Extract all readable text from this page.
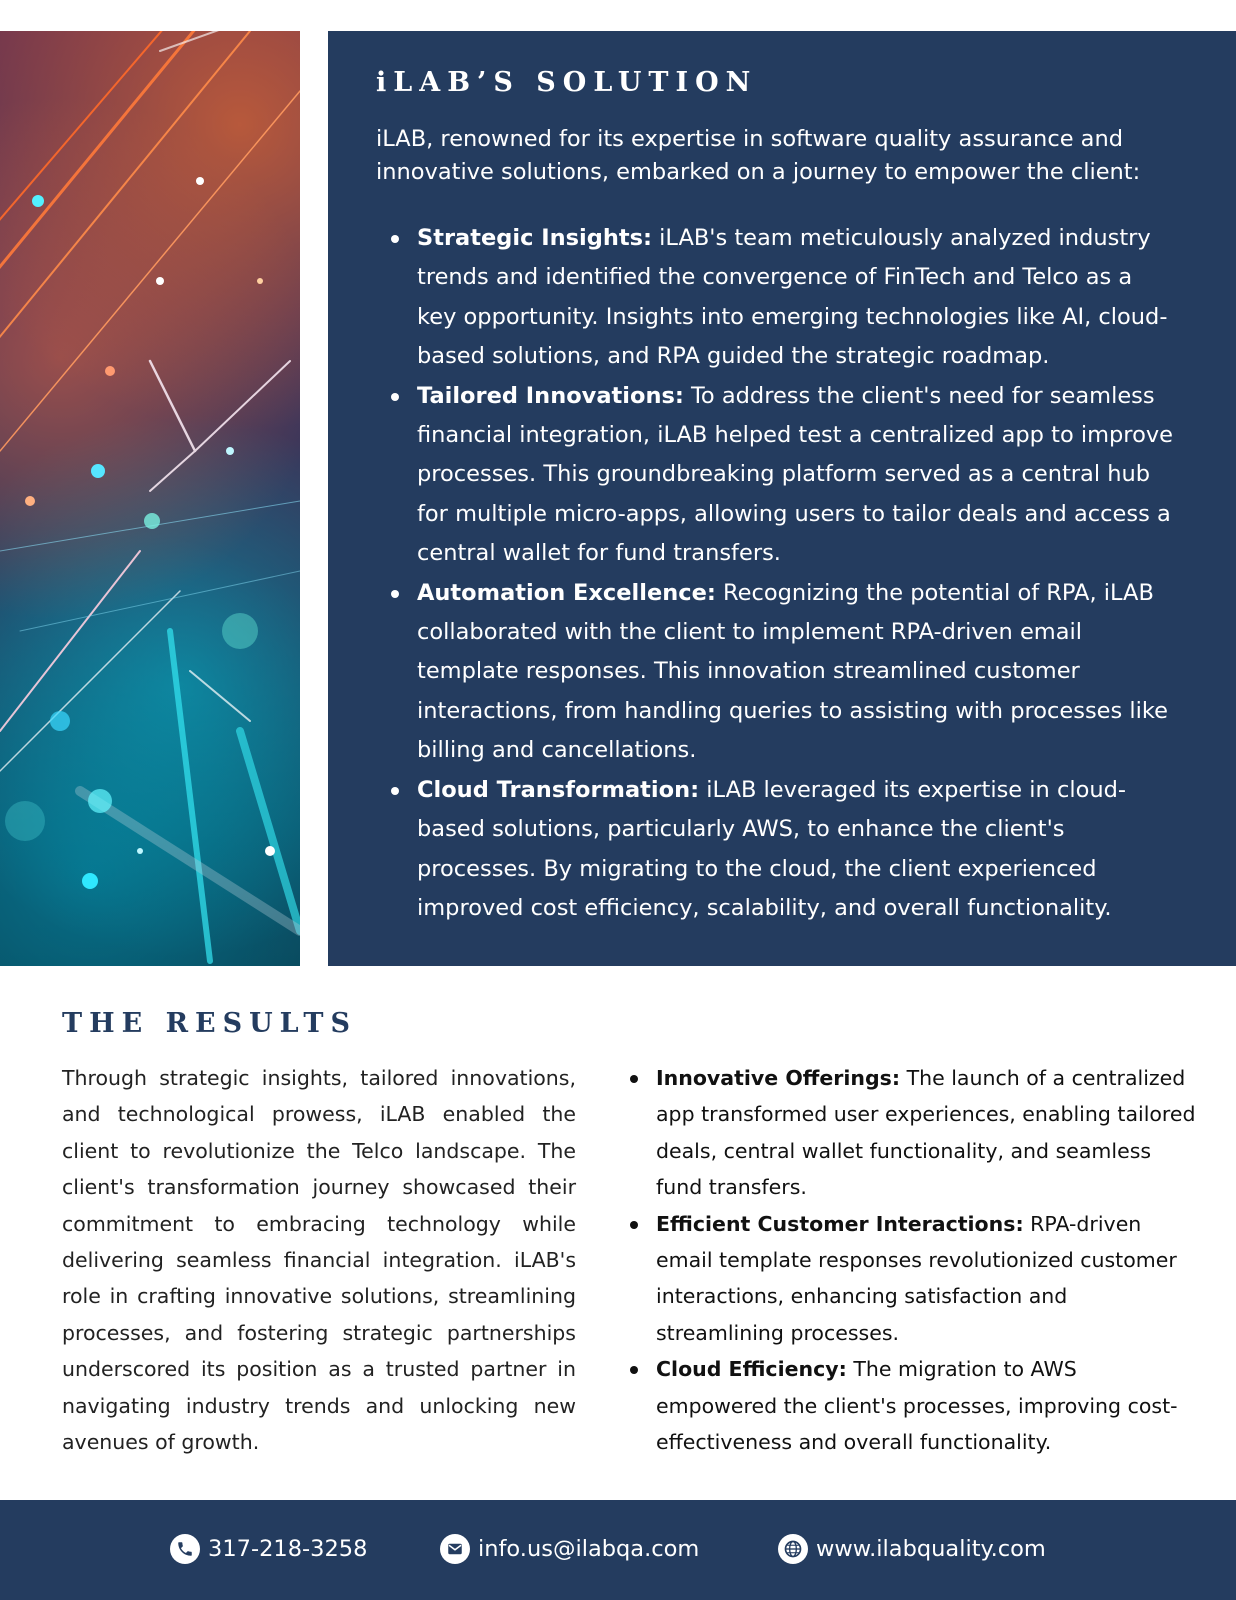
iLAB’S SOLUTION

iLAB, renowned for its expertise in software quality assurance and innovative solutions, embarked on a journey to empower the client:

Strategic Insights: iLAB's team meticulously analyzed industry trends and identified the convergence of FinTech and Telco as a key opportunity. Insights into emerging technologies like AI, cloud-based solutions, and RPA guided the strategic roadmap.
Tailored Innovations: To address the client's need for seamless financial integration, iLAB helped test a centralized app to improve processes. This groundbreaking platform served as a central hub for multiple micro-apps, allowing users to tailor deals and access a central wallet for fund transfers.
Automation Excellence: Recognizing the potential of RPA, iLAB collaborated with the client to implement RPA-driven email template responses. This innovation streamlined customer interactions, from handling queries to assisting with processes like billing and cancellations.
Cloud Transformation: iLAB leveraged its expertise in cloud-based solutions, particularly AWS, to enhance the client's processes. By migrating to the cloud, the client experienced improved cost efficiency, scalability, and overall functionality.
THE RESULTS

Through strategic insights, tailored innovations, and technological prowess, iLAB enabled the client to revolutionize the Telco landscape. The client's transformation journey showcased their commitment to embracing technology while delivering seamless financial integration. iLAB's role in crafting innovative solutions, streamlining processes, and fostering strategic partnerships underscored its position as a trusted partner in navigating industry trends and unlocking new avenues of growth.

Innovative Offerings: The launch of a centralized app transformed user experiences, enabling tailored deals, central wallet functionality, and seamless fund transfers.
Efficient Customer Interactions: RPA-driven email template responses revolutionized customer interactions, enhancing satisfaction and streamlining processes.
Cloud Efficiency: The migration to AWS empowered the client's processes, improving cost-effectiveness and overall functionality.
317-218-3258	info.us@ilabqa.com	www.ilabquality.com
